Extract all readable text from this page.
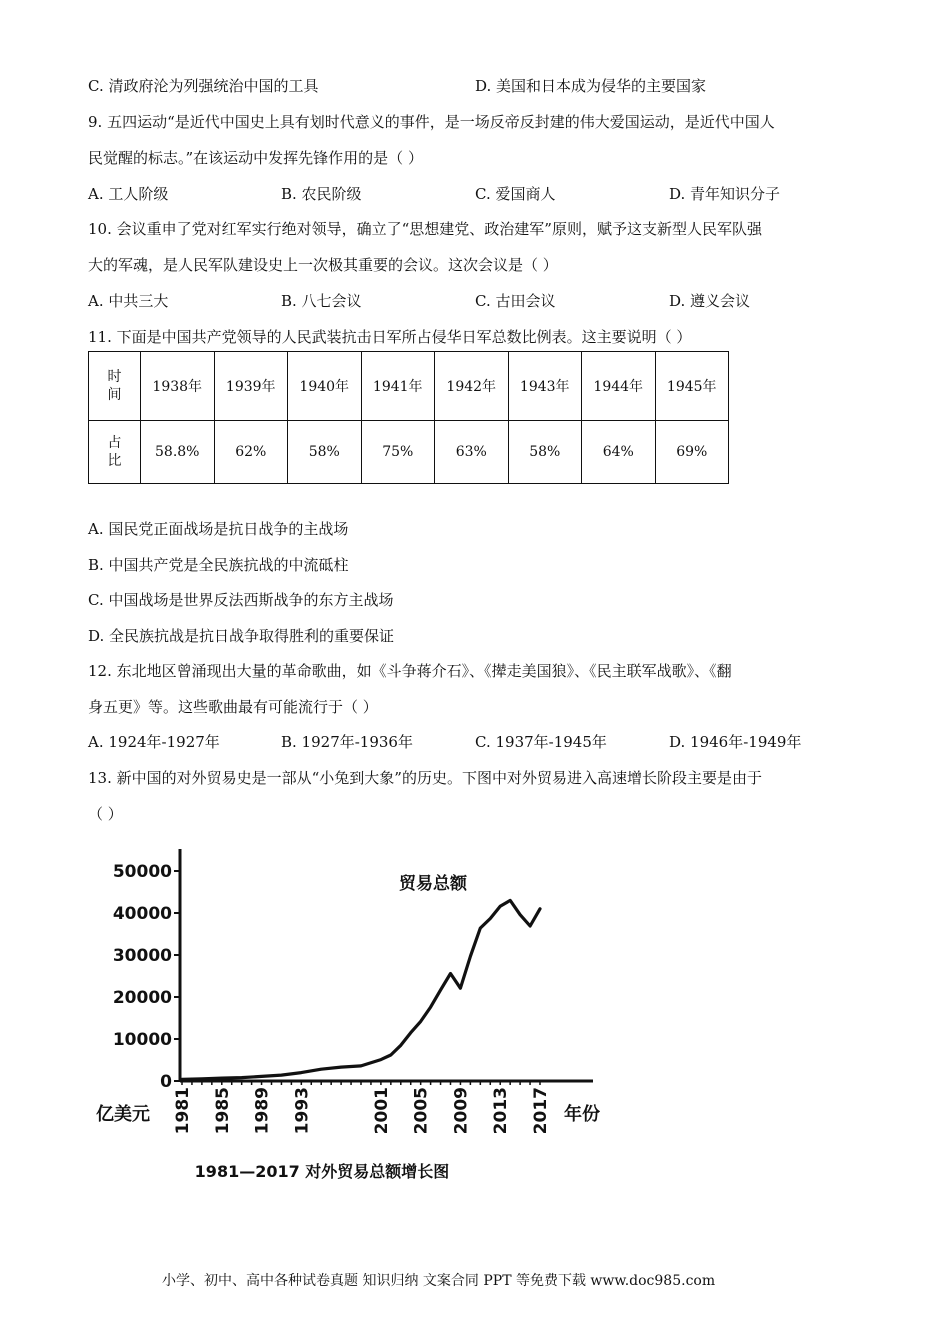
C. 清政府沦为列强统治中国的工具	D. 美国和日本成为侵华的主要国家
9. 五四运动“是近代中国史上具有划时代意义的事件，是一场反帝反封建的伟大爱国运动，是近代中国人
民觉醒的标志。”在该运动中发挥先锋作用的是（ ）
A. 工人阶级	B. 农民阶级	C. 爱国商人	D. 青年知识分子
10. 会议重申了党对红军实行绝对领导，确立了“思想建党、政治建军”原则，赋予这支新型人民军队强
大的军魂，是人民军队建设史上一次极其重要的会议。这次会议是（ ）
A. 中共三大	B. 八七会议	C. 古田会议	D. 遵义会议
11. 下面是中国共产党领导的人民武装抗击日军所占侵华日军总数比例表。这主要说明（ ）
时间	1938年	1939年	1940年	1941年	1942年	1943年	1944年	1945年
占比	58.8%	62%	58%	75%	63%	58%	64%	69%
A. 国民党正面战场是抗日战争的主战场
B. 中国共产党是全民族抗战的中流砥柱
C. 中国战场是世界反法西斯战争的东方主战场
D. 全民族抗战是抗日战争取得胜利的重要保证
12. 东北地区曾涌现出大量的革命歌曲，如《斗争蒋介石》、《撵走美国狼》、《民主联军战歌》、《翻
身五更》等。这些歌曲最有可能流行于（ ）
A. 1924年-1927年	B. 1927年-1936年	C. 1937年-1945年	D. 1946年-1949年
13. 新中国的对外贸易史是一部从“小兔到大象”的历史。下图中对外贸易进入高速增长阶段主要是由于
（ ）
0
10000
20000
30000
40000
50000
1981 1985 1989 1993	2001 2005 2009 2013 2017
贸易总额
亿美元	年份
1981—2017 对外贸易总额增长图
小学、初中、高中各种试卷真题 知识归纳 文案合同 PPT 等免费下载 www.doc985.com
